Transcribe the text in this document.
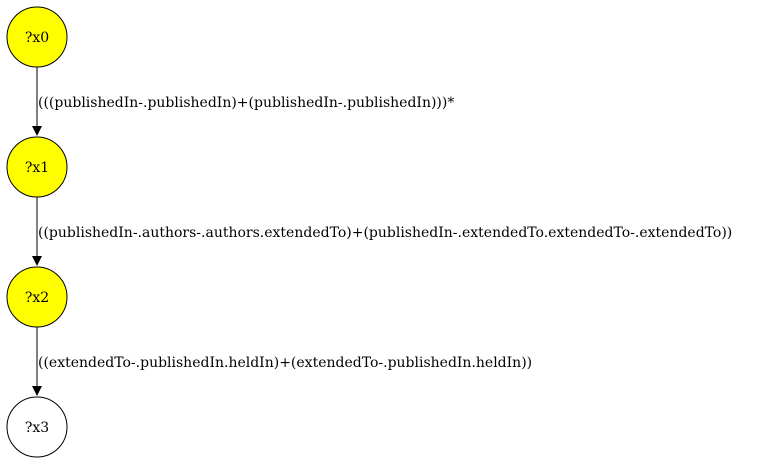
(((publishedIn-.publishedIn)+(publishedIn-.publishedIn)))*
((publishedIn-.authors-.authors.extendedTo)+(publishedIn-.extendedTo.extendedTo-.extendedTo))
((extendedTo-.publishedIn.heldIn)+(extendedTo-.publishedIn.heldIn))
?x0
?x1
?x2
?x3
